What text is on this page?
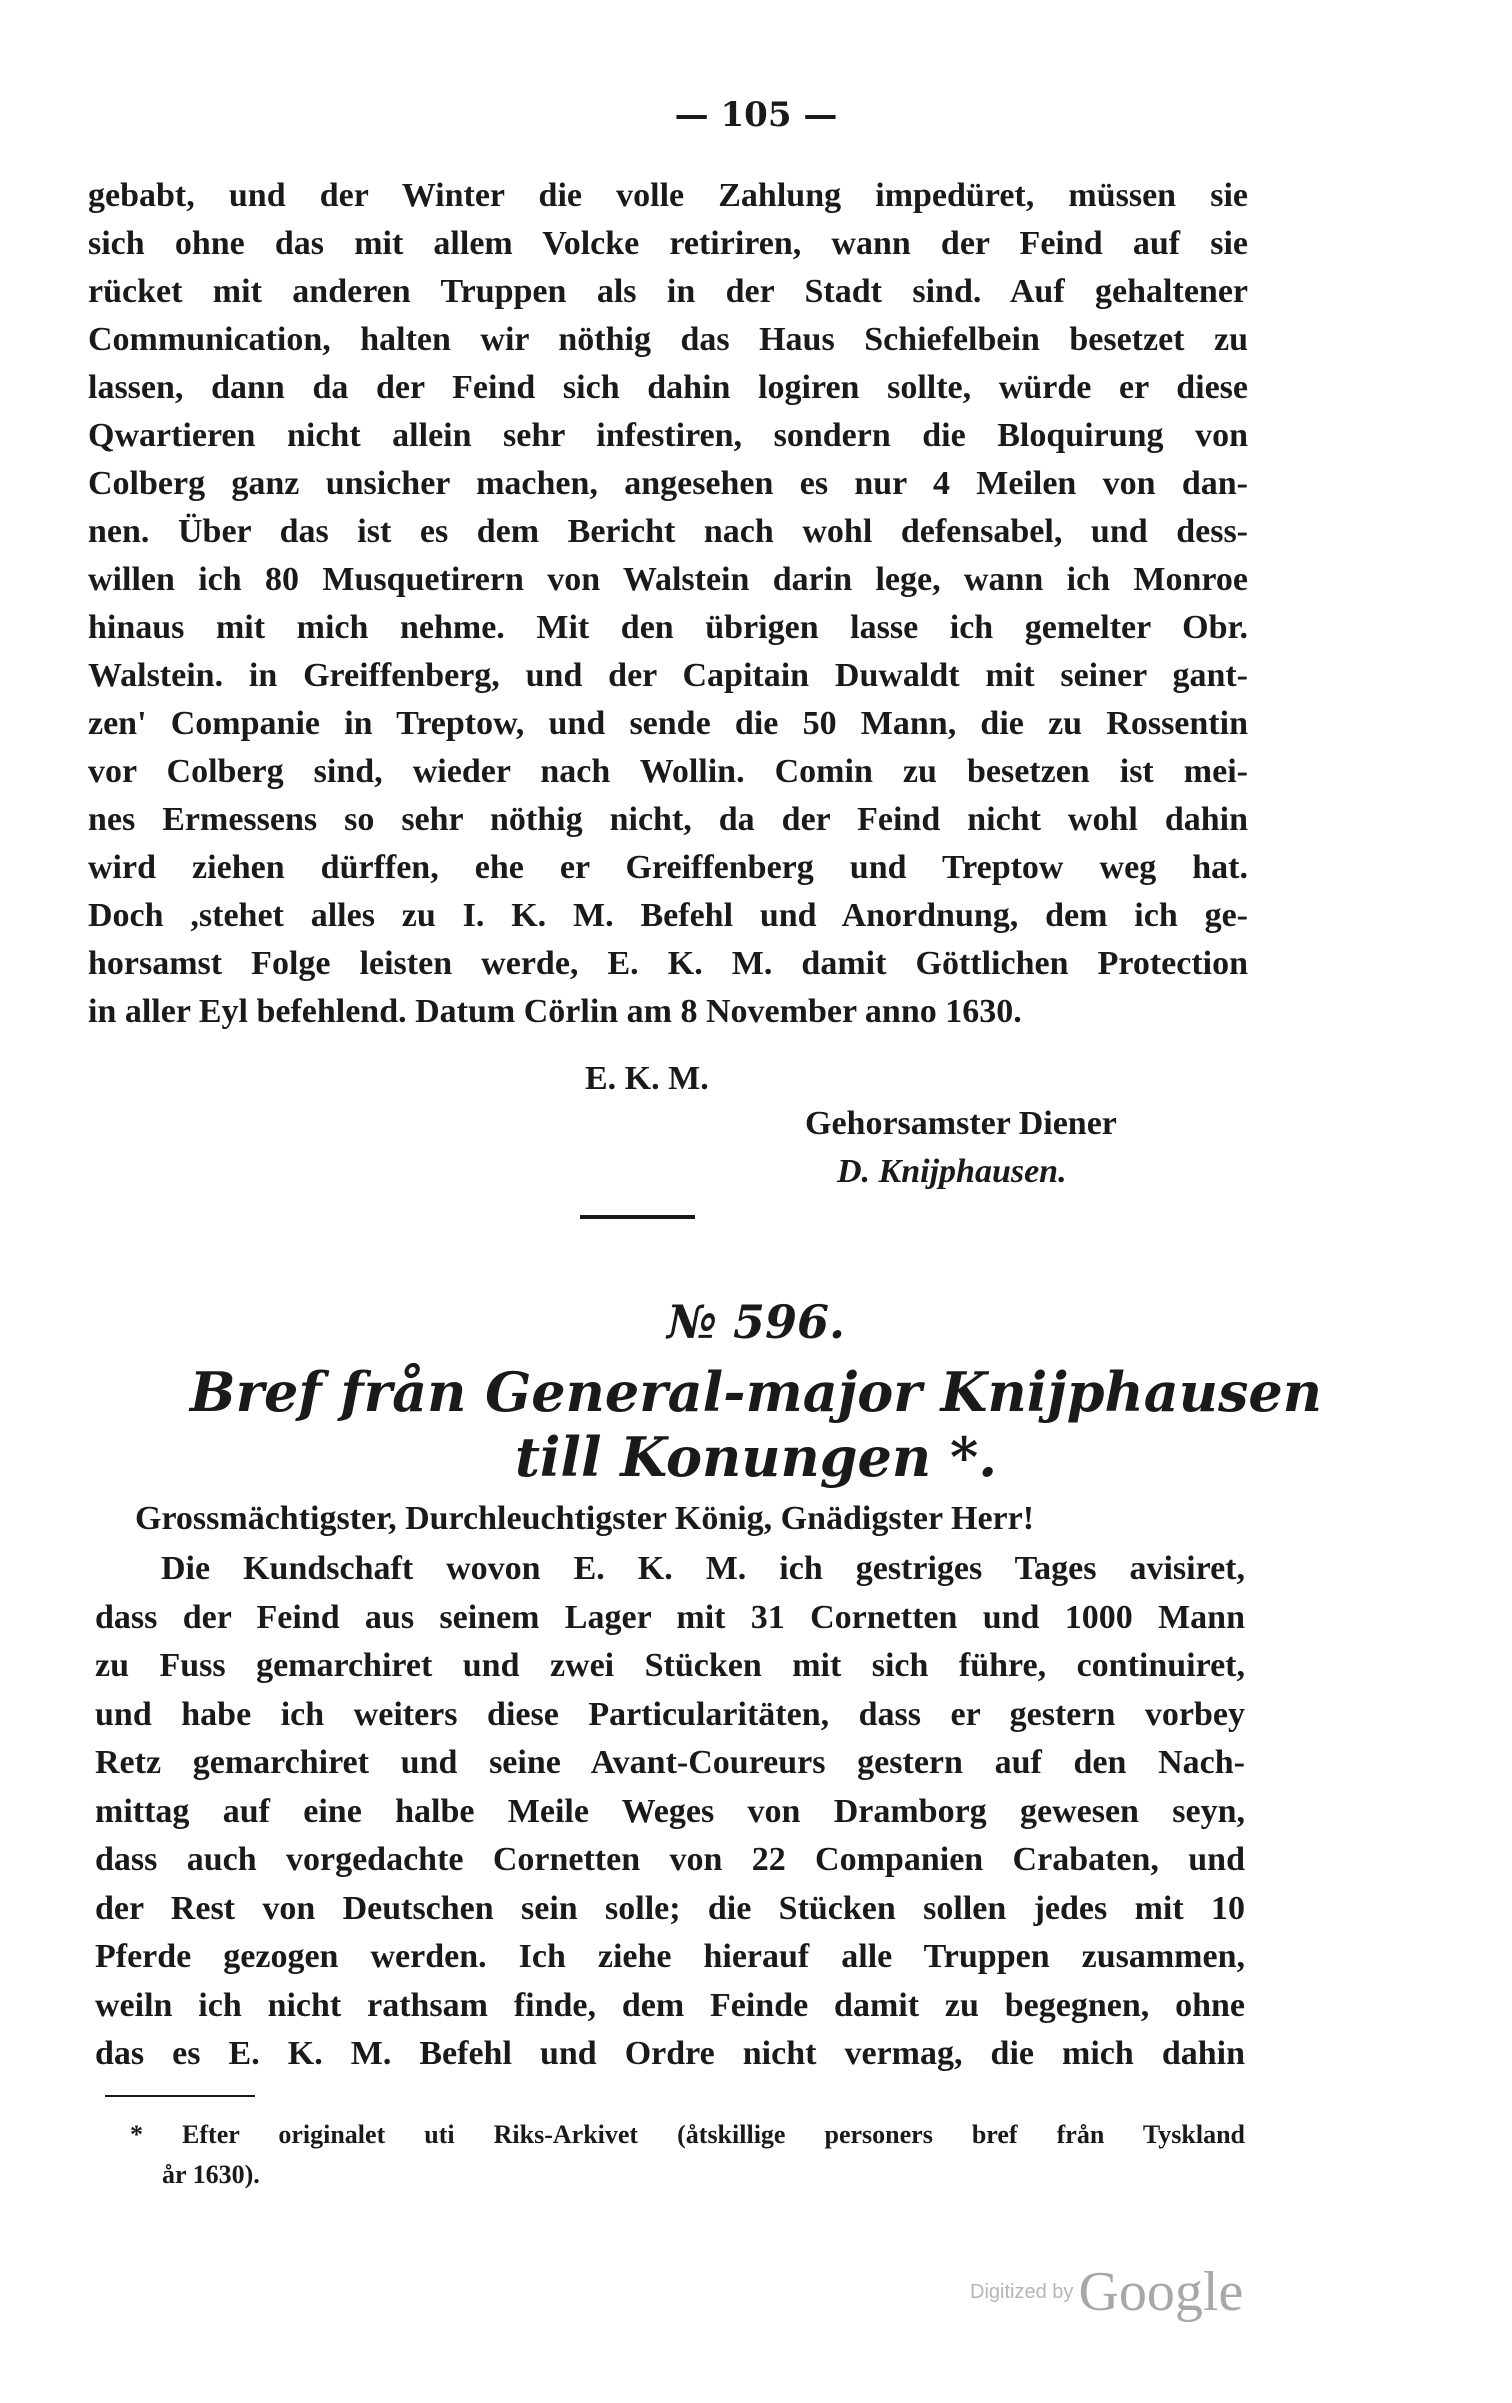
— 105 —
gebabt, und der Winter die volle Zahlung impedüret, müssen sie
sich ohne das mit allem Volcke retiriren, wann der Feind auf sie
rücket mit anderen Truppen als in der Stadt sind. Auf gehaltener
Communication, halten wir nöthig das Haus Schiefelbein besetzet zu
lassen, dann da der Feind sich dahin logiren sollte, würde er diese
Qwartieren nicht allein sehr infestiren, sondern die Bloquirung von
Colberg ganz unsicher machen, angesehen es nur 4 Meilen von dan-
nen. Über das ist es dem Bericht nach wohl defensabel, und dess-
willen ich 80 Musquetirern von Walstein darin lege, wann ich Monroe
hinaus mit mich nehme. Mit den übrigen lasse ich gemelter Obr.
Walstein. in Greiffenberg, und der Capitain Duwaldt mit seiner gant-
zen' Companie in Treptow, und sende die 50 Mann, die zu Rossentin
vor Colberg sind, wieder nach Wollin. Comin zu besetzen ist mei-
nes Ermessens so sehr nöthig nicht, da der Feind nicht wohl dahin
wird ziehen dürffen, ehe er Greiffenberg und Treptow weg hat.
Doch ,stehet alles zu I. K. M. Befehl und Anordnung, dem ich ge-
horsamst Folge leisten werde, E. K. M. damit Göttlichen Protection
in aller Eyl befehlend. Datum Cörlin am 8 November anno 1630.
E. K. M.
Gehorsamster Diener
D. Knijphausen.
№ 596.
Bref från General-major Knijphausen
till Konungen *.
Grossmächtigster, Durchleuchtigster König, Gnädigster Herr!
Die Kundschaft wovon E. K. M. ich gestriges Tages avisiret,
dass der Feind aus seinem Lager mit 31 Cornetten und 1000 Mann
zu Fuss gemarchiret und zwei Stücken mit sich führe, continuiret,
und habe ich weiters diese Particularitäten, dass er gestern vorbey
Retz gemarchiret und seine Avant-Coureurs gestern auf den Nach-
mittag auf eine halbe Meile Weges von Dramborg gewesen seyn,
dass auch vorgedachte Cornetten von 22 Companien Crabaten, und
der Rest von Deutschen sein solle; die Stücken sollen jedes mit 10
Pferde gezogen werden. Ich ziehe hierauf alle Truppen zusammen,
weiln ich nicht rathsam finde, dem Feinde damit zu begegnen, ohne
das es E. K. M. Befehl und Ordre nicht vermag, die mich dahin
* Efter originalet uti Riks-Arkivet (åtskillige personers bref från Tyskland
år 1630).
Digitized by Google
